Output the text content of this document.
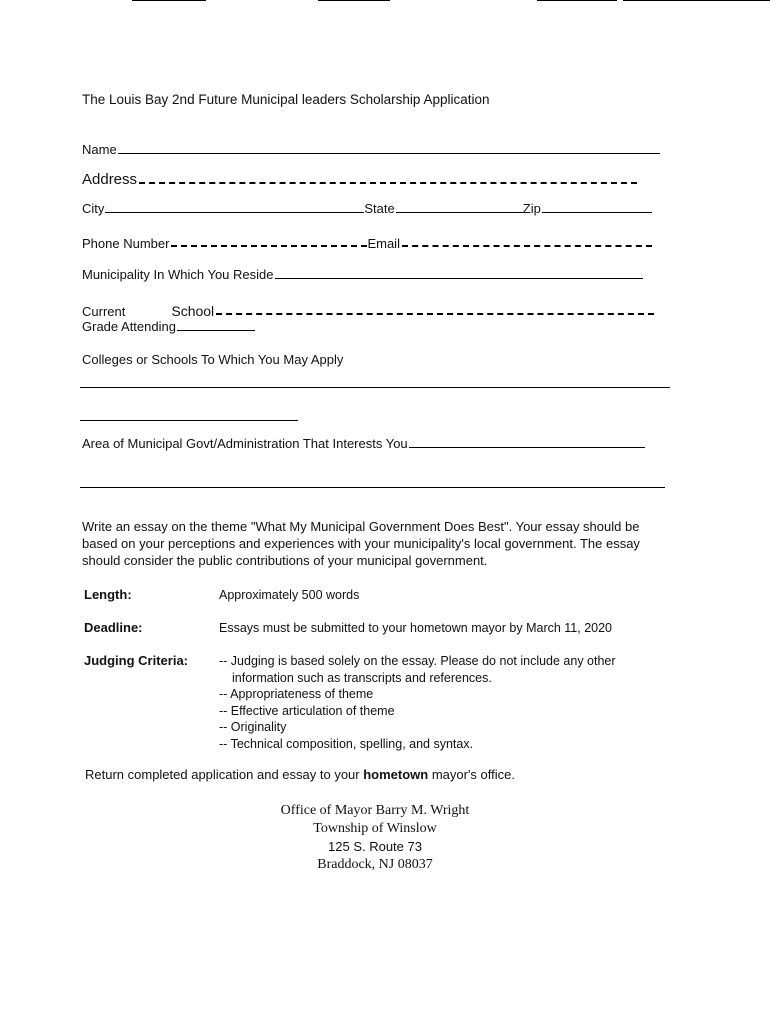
The Louis Bay 2nd Future Municipal leaders Scholarship Application
Name
Address
City	State	Zip
Phone Number	Email
Municipality In Which You Reside
Current	School
Grade Attending
Colleges or Schools To Which You May Apply
Area of Municipal Govt/Administration That Interests You
Write an essay on the theme "What My Municipal Government Does Best". Your essay should be based on your perceptions and experiences with your municipality's local government. The essay should consider the public contributions of your municipal government.
Length:	Approximately 500 words
Deadline:	Essays must be submitted to your hometown mayor by March 11, 2020
Judging Criteria: -- Judging is based solely on the essay. Please do not include any other
information such as transcripts and references.
-- Appropriateness of theme
-- Effective articulation of theme
-- Originality
-- Technical composition, spelling, and syntax.
Return completed application and essay to your hometown mayor's office.
Office of Mayor Barry M. Wright
Township of Winslow
125 S. Route 73
Braddock, NJ 08037
